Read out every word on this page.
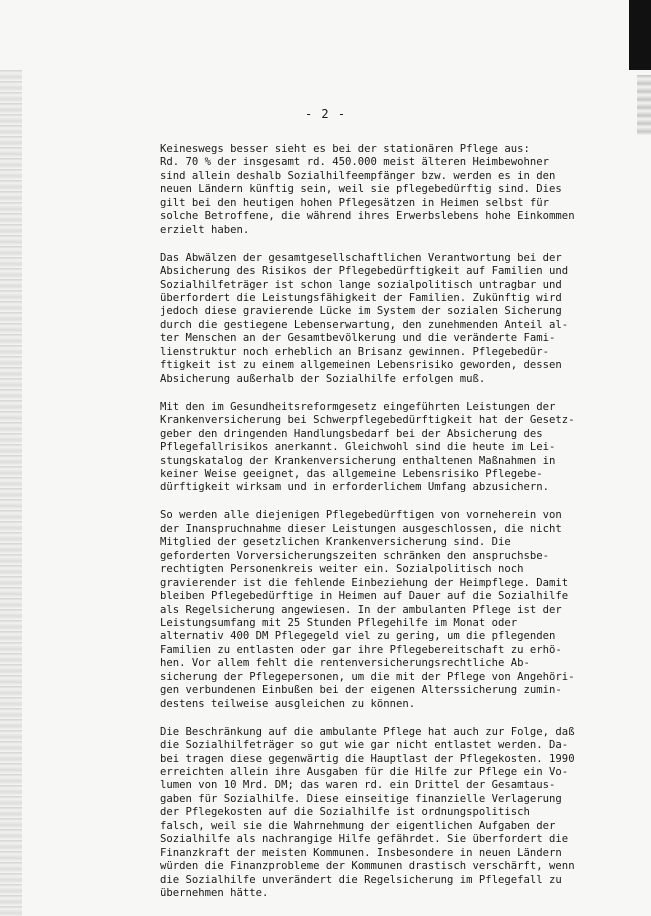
- 2 -
Keineswegs besser sieht es bei der stationären Pflege aus:
Rd. 70 % der insgesamt rd. 450.000 meist älteren Heimbewohner
sind allein deshalb Sozialhilfeempfänger bzw. werden es in den
neuen Ländern künftig sein, weil sie pflegebedürftig sind. Dies
gilt bei den heutigen hohen Pflegesätzen in Heimen selbst für
solche Betroffene, die während ihres Erwerbslebens hohe Einkommen
erzielt haben.
Das Abwälzen der gesamtgesellschaftlichen Verantwortung bei der
Absicherung des Risikos der Pflegebedürftigkeit auf Familien und
Sozialhilfeträger ist schon lange sozialpolitisch untragbar und
überfordert die Leistungsfähigkeit der Familien. Zukünftig wird
jedoch diese gravierende Lücke im System der sozialen Sicherung
durch die gestiegene Lebenserwartung, den zunehmenden Anteil al-
ter Menschen an der Gesamtbevölkerung und die veränderte Fami-
lienstruktur noch erheblich an Brisanz gewinnen. Pflegebedür-
ftigkeit ist zu einem allgemeinen Lebensrisiko geworden, dessen
Absicherung außerhalb der Sozialhilfe erfolgen muß.
Mit den im Gesundheitsreformgesetz eingeführten Leistungen der
Krankenversicherung bei Schwerpflegebedürftigkeit hat der Gesetz-
geber den dringenden Handlungsbedarf bei der Absicherung des
Pflegefallrisikos anerkannt. Gleichwohl sind die heute im Lei-
stungskatalog der Krankenversicherung enthaltenen Maßnahmen in
keiner Weise geeignet, das allgemeine Lebensrisiko Pflegebe-
dürftigkeit wirksam und in erforderlichem Umfang abzusichern.
So werden alle diejenigen Pflegebedürftigen von vorneherein von
der Inanspruchnahme dieser Leistungen ausgeschlossen, die nicht
Mitglied der gesetzlichen Krankenversicherung sind. Die
geforderten Vorversicherungszeiten schränken den anspruchsbe-
rechtigten Personenkreis weiter ein. Sozialpolitisch noch
gravierender ist die fehlende Einbeziehung der Heimpflege. Damit
bleiben Pflegebedürftige in Heimen auf Dauer auf die Sozialhilfe
als Regelsicherung angewiesen. In der ambulanten Pflege ist der
Leistungsumfang mit 25 Stunden Pflegehilfe im Monat oder
alternativ 400 DM Pflegegeld viel zu gering, um die pflegenden
Familien zu entlasten oder gar ihre Pflegebereitschaft zu erhö-
hen. Vor allem fehlt die rentenversicherungsrechtliche Ab-
sicherung der Pflegepersonen, um die mit der Pflege von Angehöri-
gen verbundenen Einbußen bei der eigenen Alterssicherung zumin-
destens teilweise ausgleichen zu können.
Die Beschränkung auf die ambulante Pflege hat auch zur Folge, daß
die Sozialhilfeträger so gut wie gar nicht entlastet werden. Da-
bei tragen diese gegenwärtig die Hauptlast der Pflegekosten. 1990
erreichten allein ihre Ausgaben für die Hilfe zur Pflege ein Vo-
lumen von 10 Mrd. DM; das waren rd. ein Drittel der Gesamtaus-
gaben für Sozialhilfe. Diese einseitige finanzielle Verlagerung
der Pflegekosten auf die Sozialhilfe ist ordnungspolitisch
falsch, weil sie die Wahrnehmung der eigentlichen Aufgaben der
Sozialhilfe als nachrangige Hilfe gefährdet. Sie überfordert die
Finanzkraft der meisten Kommunen. Insbesondere in neuen Ländern
würden die Finanzprobleme der Kommunen drastisch verschärft, wenn
die Sozialhilfe unverändert die Regelsicherung im Pflegefall zu
übernehmen hätte.
